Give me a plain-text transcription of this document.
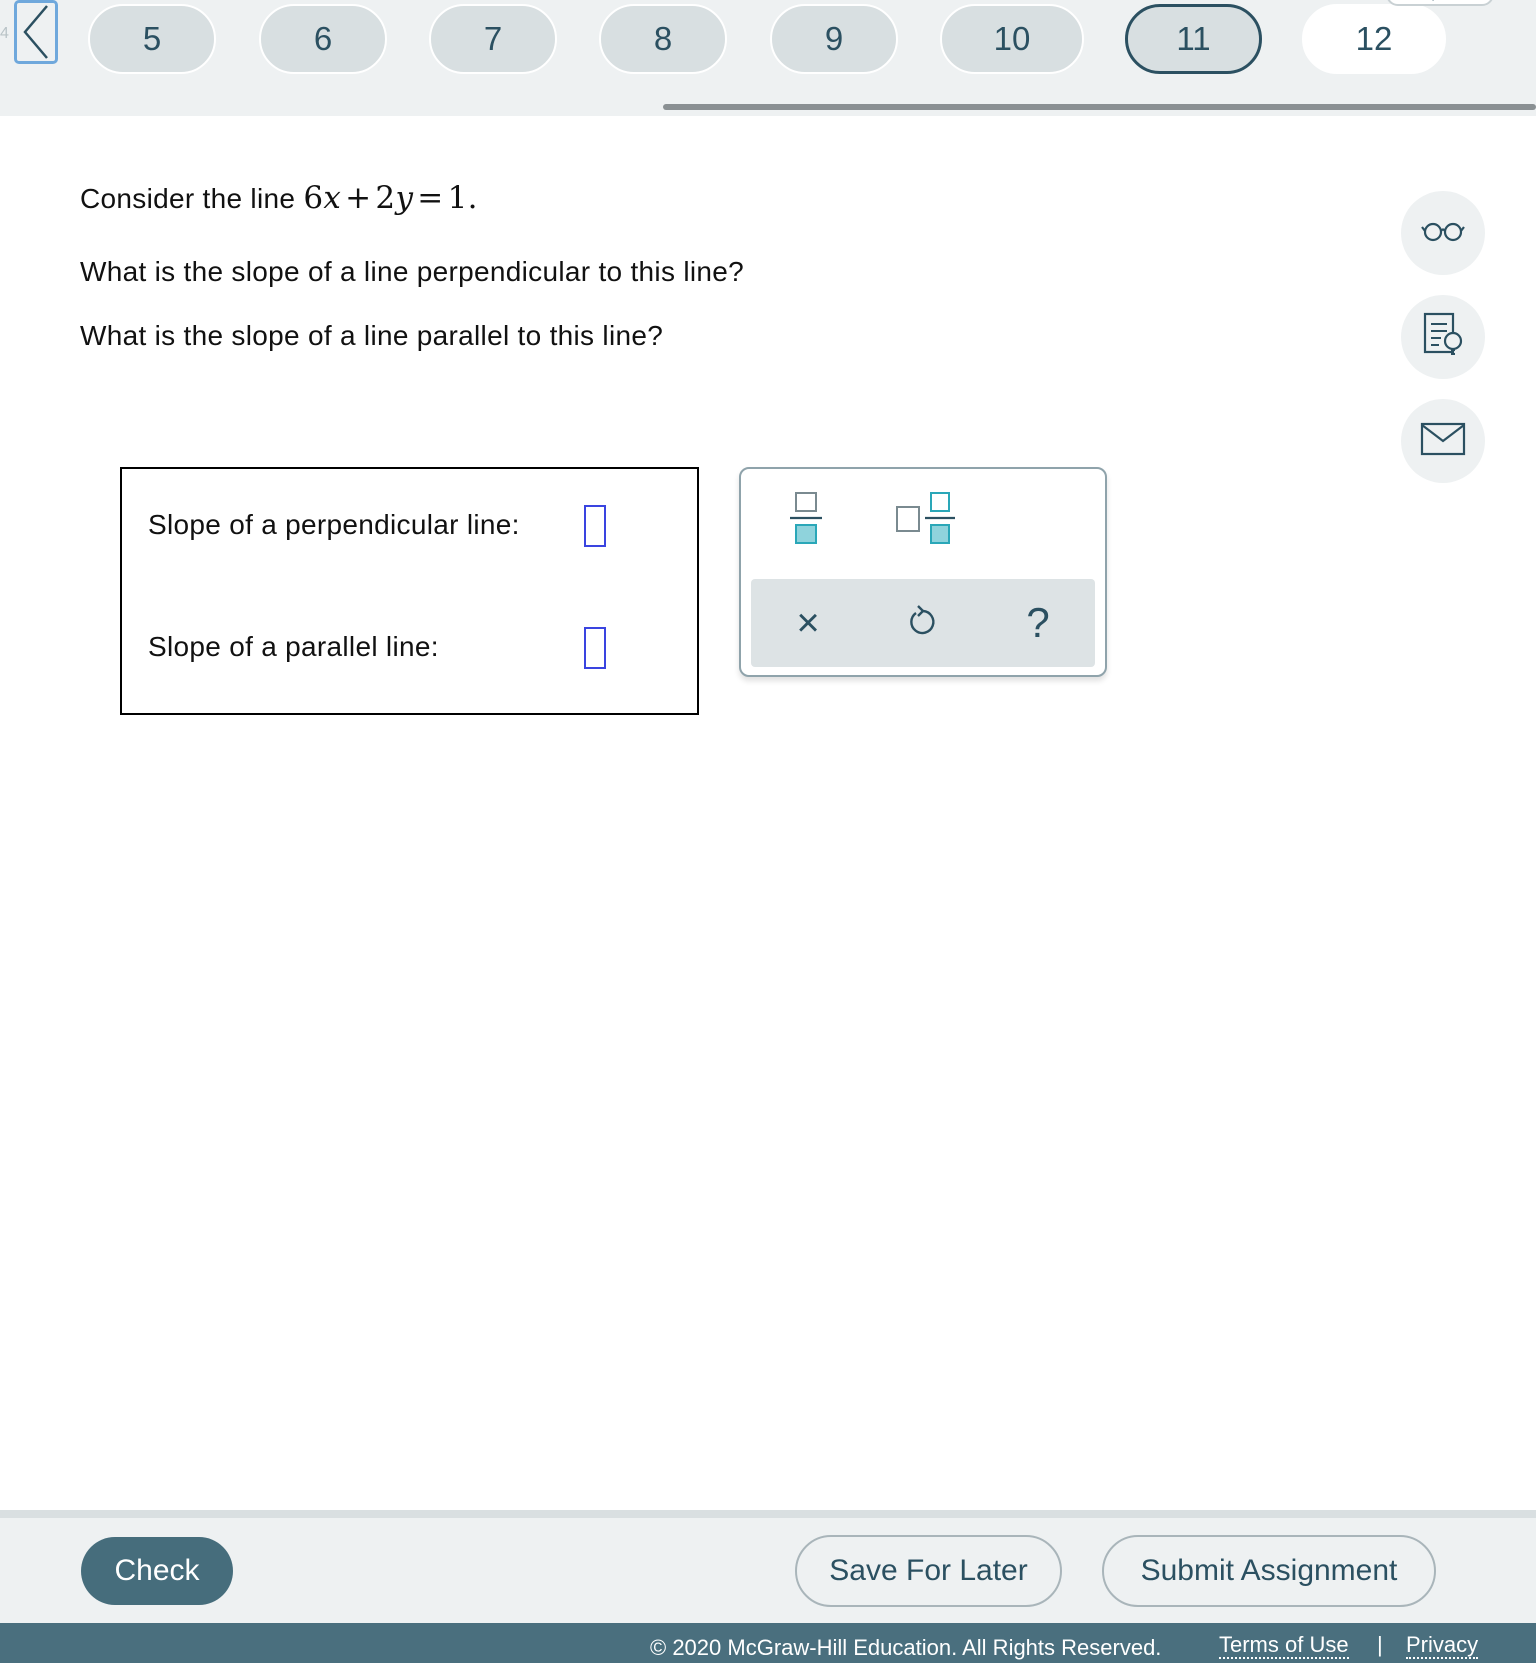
4	5	6	7	8	9	10	11	12
Consider the line 6x + 2y = 1.
What is the slope of a line perpendicular to this line?
What is the slope of a line parallel to this line?
Slope of a perpendicular line:
Slope of a parallel line:
×	?
Check	Save For Later	Submit Assignment
© 2020 McGraw-Hill Education. All Rights Reserved.	Terms of Use | Privacy
